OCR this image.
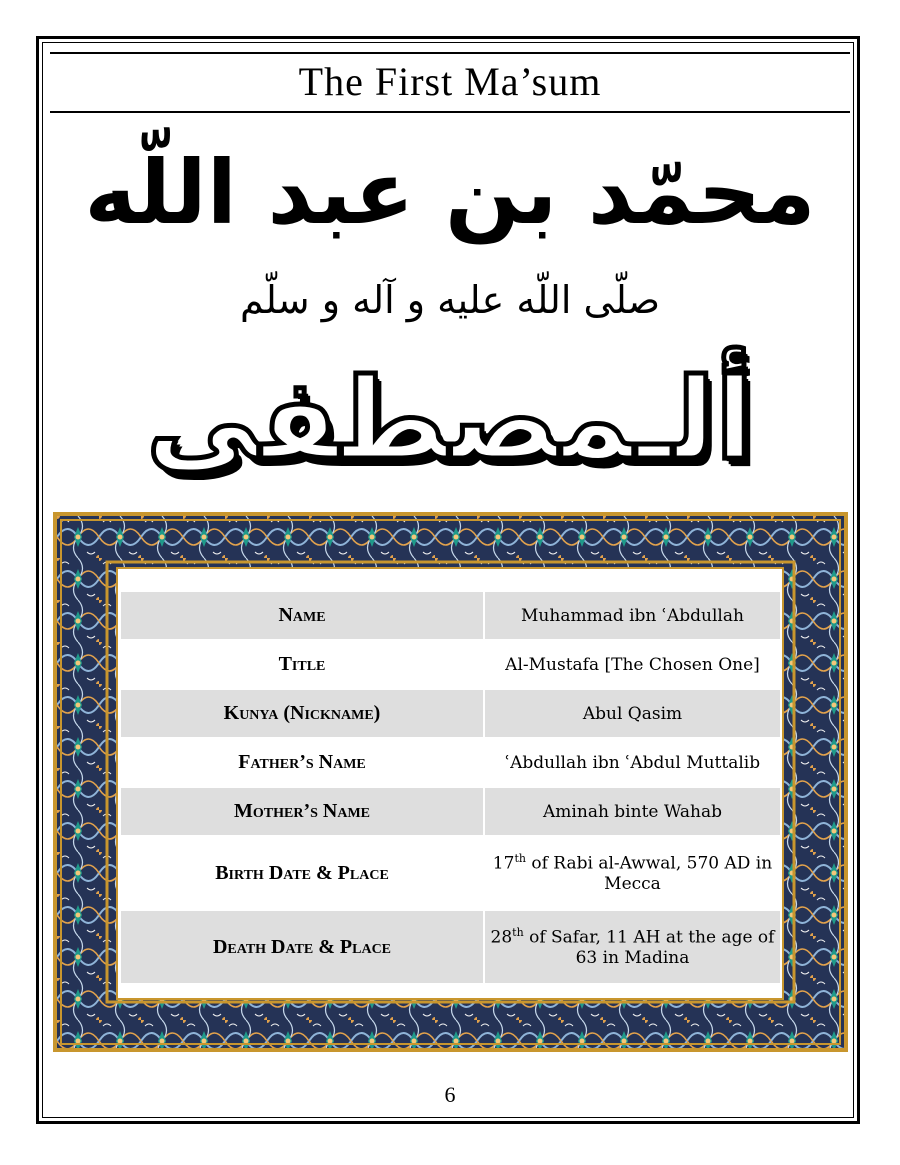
The First Ma’sum
محمّد بن عبد اللّه
صلّى اللّه عليه و آله و سلّم
ألـمصطفى
Name	Muhammad ibn ʿAbdullah
Title	Al-Mustafa [The Chosen One]
Kunya (Nickname)	Abul Qasim
Father’s Name	ʿAbdullah ibn ʿAbdul Muttalib
Mother’s Name	Aminah binte Wahab
Birth Date & Place	17th of Rabi al-Awwal, 570 AD in Mecca
Death Date & Place	28th of Safar, 11 AH at the age of 63 in Madina
6
